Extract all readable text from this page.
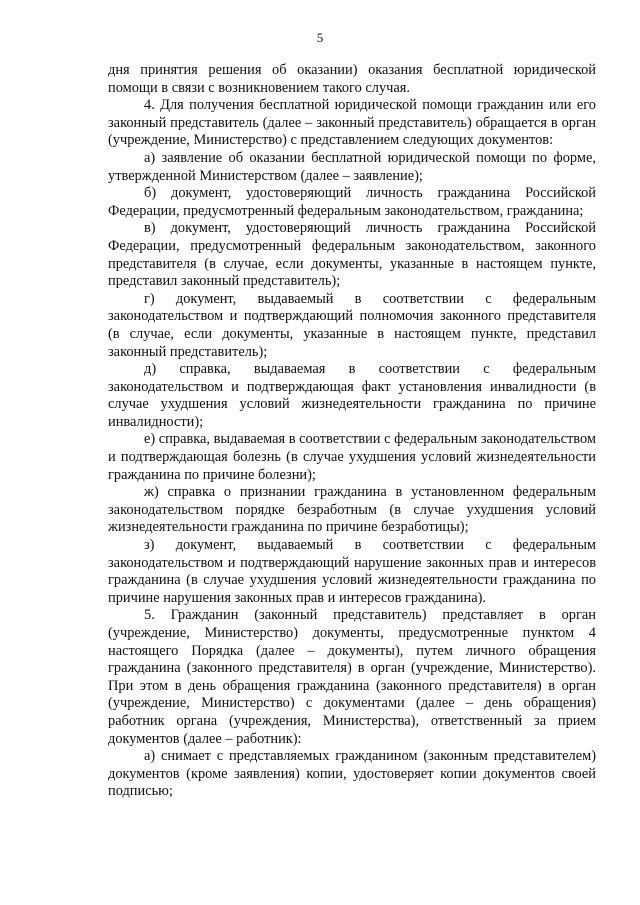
5

дня принятия решения об оказании) оказания бесплатной юридической помощи в связи с возникновением такого случая.

4. Для получения бесплатной юридической помощи гражданин или его законный представитель (далее – законный представитель) обращается в орган (учреждение, Министерство) с представлением следующих документов:

а) заявление об оказании бесплатной юридической помощи по форме, утвержденной Министерством (далее – заявление);

б) документ, удостоверяющий личность гражданина Российской Федерации, предусмотренный федеральным законодательством, гражданина;

в) документ, удостоверяющий личность гражданина Российской Федерации, предусмотренный федеральным законодательством, законного представителя (в случае, если документы, указанные в настоящем пункте, представил законный представитель);

г) документ, выдаваемый в соответствии с федеральным законодательством и подтверждающий полномочия законного представителя (в случае, если документы, указанные в настоящем пункте, представил законный представитель);

д) справка, выдаваемая в соответствии с федеральным законодательством и подтверждающая факт установления инвалидности (в случае ухудшения условий жизнедеятельности гражданина по причине инвалидности);

е) справка, выдаваемая в соответствии с федеральным законодательством и подтверждающая болезнь (в случае ухудшения условий жизнедеятельности гражданина по причине болезни);

ж) справка о признании гражданина в установленном федеральным законодательством порядке безработным (в случае ухудшения условий жизнедеятельности гражданина по причине безработицы);

з) документ, выдаваемый в соответствии с федеральным законодательством и подтверждающий нарушение законных прав и интересов гражданина (в случае ухудшения условий жизнедеятельности гражданина по причине нарушения законных прав и интересов гражданина).

5. Гражданин (законный представитель) представляет в орган (учреждение, Министерство) документы, предусмотренные пунктом 4 настоящего Порядка (далее – документы), путем личного обращения гражданина (законного представителя) в орган (учреждение, Министерство). При этом в день обращения гражданина (законного представителя) в орган (учреждение, Министерство) с документами (далее – день обращения) работник органа (учреждения, Министерства), ответственный за прием документов (далее – работник):

а) снимает с представляемых гражданином (законным представителем) документов (кроме заявления) копии, удостоверяет копии документов своей подписью;
